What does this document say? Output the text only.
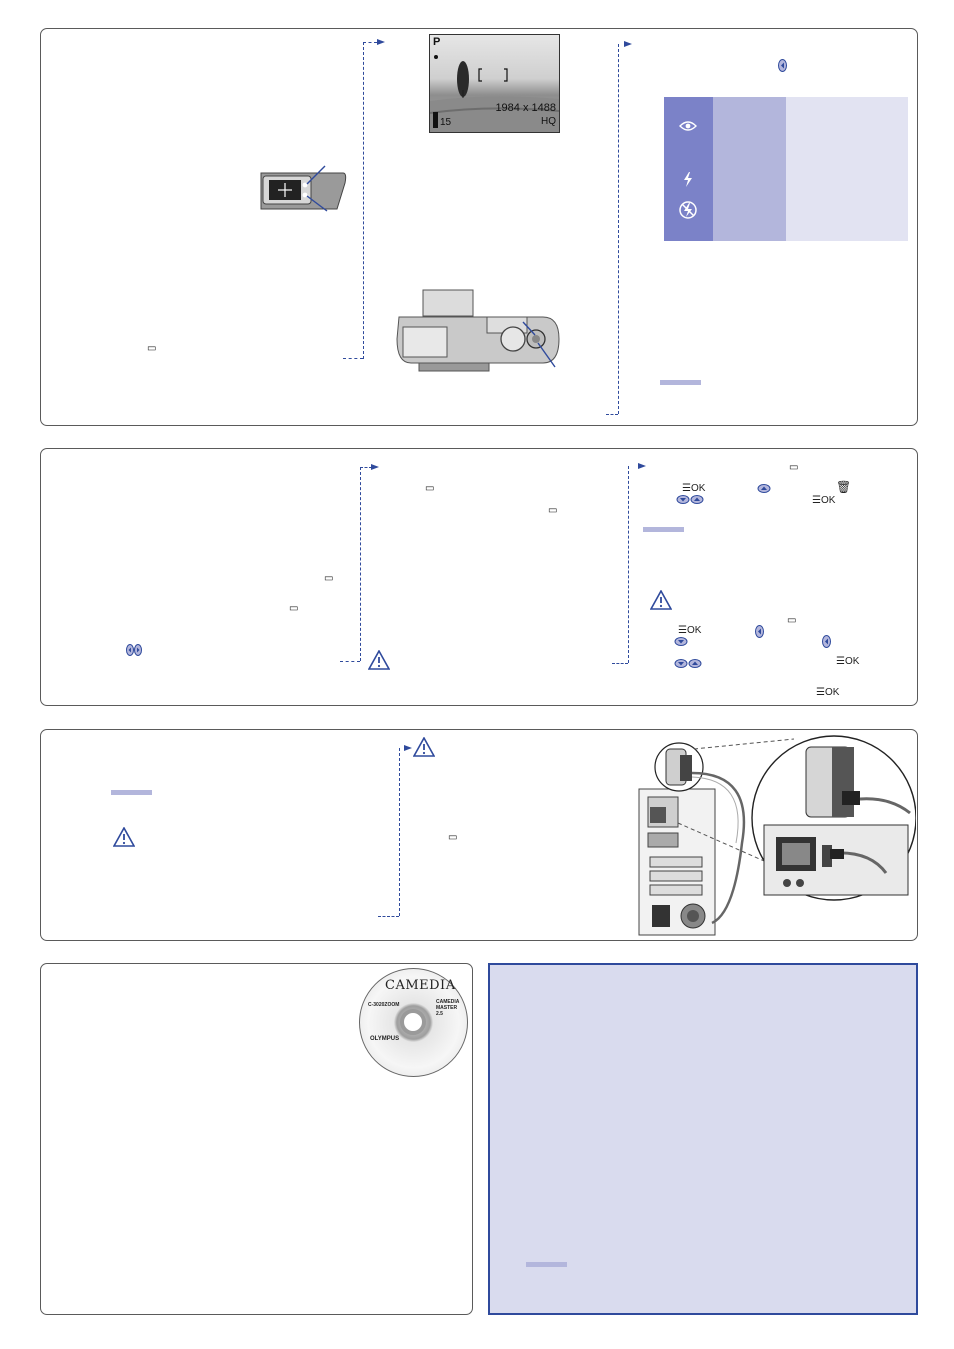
▭
P
1984 x 1488
15	HQ
▭
▭
▭
▭
▭
☰OK	🗑
☰OK
▭
☰OK
☰OK
☰OK
▭
CAMEDIA
C-3020ZOOM	CAMEDIA MASTER 2.5
OLYMPUS
